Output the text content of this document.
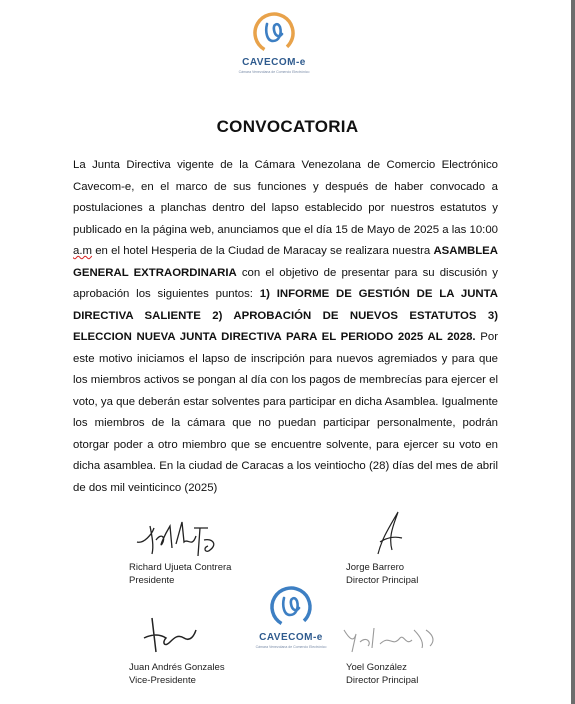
CAVECOM-e
Cámara Venezolana de Comercio Electrónico
CONVOCATORIA
La Junta Directiva vigente de la Cámara Venezolana de Comercio Electrónico Cavecom-e, en el marco de sus funciones y después de haber convocado a postulaciones a planchas dentro del lapso establecido por nuestros estatutos y publicado en la página web, anunciamos que el día 15 de Mayo de 2025 a las 10:00 a.m en el hotel Hesperia de la Ciudad de Maracay se realizara nuestra ASAMBLEA GENERAL EXTRAORDINARIA con el objetivo de presentar para su discusión y aprobación los siguientes puntos: 1) INFORME DE GESTIÓN DE LA JUNTA DIRECTIVA SALIENTE 2) APROBACIÓN DE NUEVOS ESTATUTOS 3) ELECCION NUEVA JUNTA DIRECTIVA PARA EL PERIODO 2025 AL 2028. Por este motivo iniciamos el lapso de inscripción para nuevos agremiados y para que los miembros activos se pongan al día con los pagos de membrecías para ejercer el voto, ya que deberán estar solventes para participar en dicha Asamblea. Igualmente los miembros de la cámara que no puedan participar personalmente, podrán otorgar poder a otro miembro que se encuentre solvente, para ejercer su voto en dicha asamblea. En la ciudad de Caracas a los veintiocho (28) días del mes de abril de dos mil veinticinco (2025)
Richard Ujueta Contrera
Presidente
Jorge Barrero
Director Principal
CAVECOM-e
Cámara Venezolana de Comercio Electrónico
Juan Andrés Gonzales
Vice-Presidente
Yoel González
Director Principal
